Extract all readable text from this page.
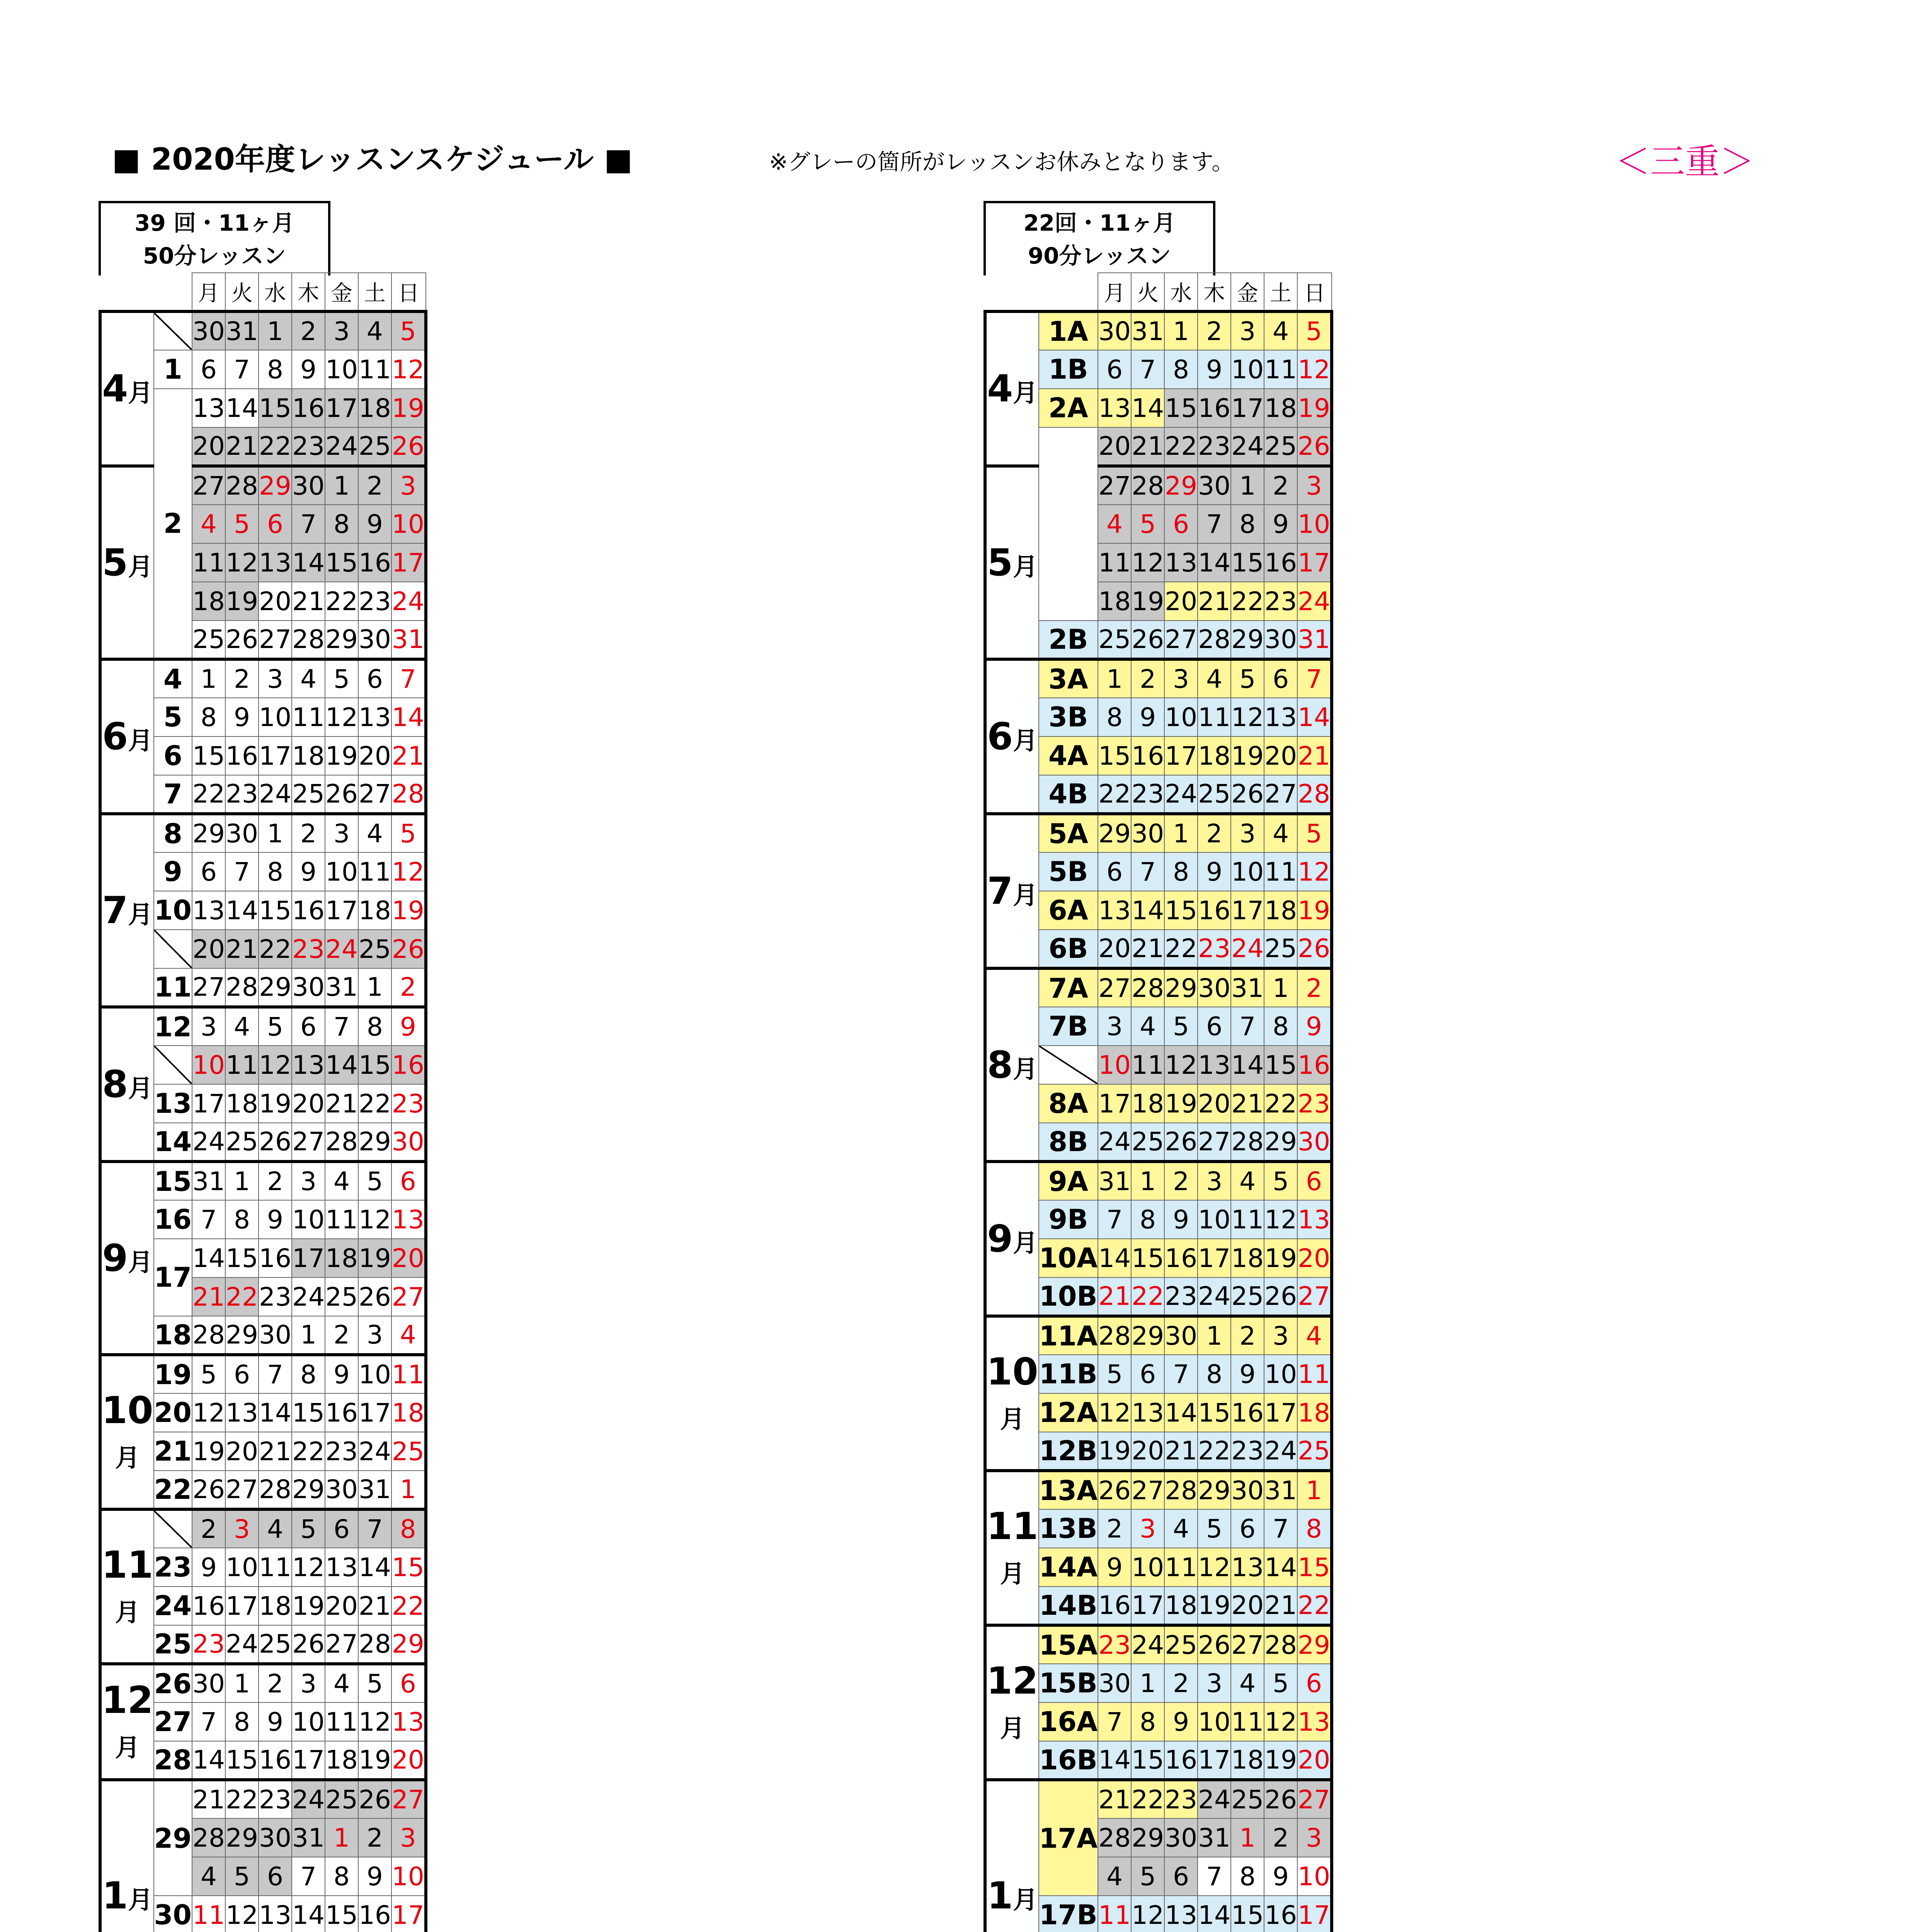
■ 2020年度レッスンスケジュール ■	※グレーの箇所がレッスンお休みとなります。	＜三重＞
39 回・11ヶ月
50分レッスン
		月	火	水	木	金	土	日
4月		30	31	1	2	3	4	5
	1	6	7	8	9	10	11	12
	2	13	14	15	16	17	18	19
		20	21	22	23	24	25	26
5月		27	28	29	30	1	2	3
		4	5	6	7	8	9	10
		11	12	13	14	15	16	17
		18	19	20	21	22	23	24
		25	26	27	28	29	30	31
6月	4	1	2	3	4	5	6	7
	5	8	9	10	11	12	13	14
	6	15	16	17	18	19	20	21
	7	22	23	24	25	26	27	28
7月	8	29	30	1	2	3	4	5
	9	6	7	8	9	10	11	12
	10	13	14	15	16	17	18	19
		20	21	22	23	24	25	26
	11	27	28	29	30	31	1	2
8月	12	3	4	5	6	7	8	9
		10	11	12	13	14	15	16
	13	17	18	19	20	21	22	23
	14	24	25	26	27	28	29	30
9月	15	31	1	2	3	4	5	6
	16	7	8	9	10	11	12	13
	17	14	15	16	17	18	19	20
		21	22	23	24	25	26	27
	18	28	29	30	1	2	3	4
10月	19	5	6	7	8	9	10	11
	20	12	13	14	15	16	17	18
	21	19	20	21	22	23	24	25
	22	26	27	28	29	30	31	1
11月		2	3	4	5	6	7	8
	23	9	10	11	12	13	14	15
	24	16	17	18	19	20	21	22
	25	23	24	25	26	27	28	29
12月	26	30	1	2	3	4	5	6
	27	7	8	9	10	11	12	13
	28	14	15	16	17	18	19	20
1月	29	21	22	23	24	25	26	27
		28	29	30	31	1	2	3
		4	5	6	7	8	9	10
	30	11	12	13	14	15	16	17

22回・11ヶ月
90分レッスン
		月	火	水	木	金	土	日
4月	1A	30	31	1	2	3	4	5
	1B	6	7	8	9	10	11	12
	2A	13	14	15	16	17	18	19
		20	21	22	23	24	25	26
5月		27	28	29	30	1	2	3
		4	5	6	7	8	9	10
		11	12	13	14	15	16	17
		18	19	20	21	22	23	24
	2B	25	26	27	28	29	30	31
6月	3A	1	2	3	4	5	6	7
	3B	8	9	10	11	12	13	14
	4A	15	16	17	18	19	20	21
	4B	22	23	24	25	26	27	28
7月	5A	29	30	1	2	3	4	5
	5B	6	7	8	9	10	11	12
	6A	13	14	15	16	17	18	19
	6B	20	21	22	23	24	25	26
8月	7A	27	28	29	30	31	1	2
	7B	3	4	5	6	7	8	9
		10	11	12	13	14	15	16
	8A	17	18	19	20	21	22	23
	8B	24	25	26	27	28	29	30
9月	9A	31	1	2	3	4	5	6
	9B	7	8	9	10	11	12	13
	10A	14	15	16	17	18	19	20
	10B	21	22	23	24	25	26	27
10月	11A	28	29	30	1	2	3	4
	11B	5	6	7	8	9	10	11
	12A	12	13	14	15	16	17	18
	12B	19	20	21	22	23	24	25
11月	13A	26	27	28	29	30	31	1
	13B	2	3	4	5	6	7	8
	14A	9	10	11	12	13	14	15
	14B	16	17	18	19	20	21	22
12月	15A	23	24	25	26	27	28	29
	15B	30	1	2	3	4	5	6
	16A	7	8	9	10	11	12	13
	16B	14	15	16	17	18	19	20
1月	17A	21	22	23	24	25	26	27
		28	29	30	31	1	2	3
		4	5	6	7	8	9	10
	17B	11	12	13	14	15	16	17
